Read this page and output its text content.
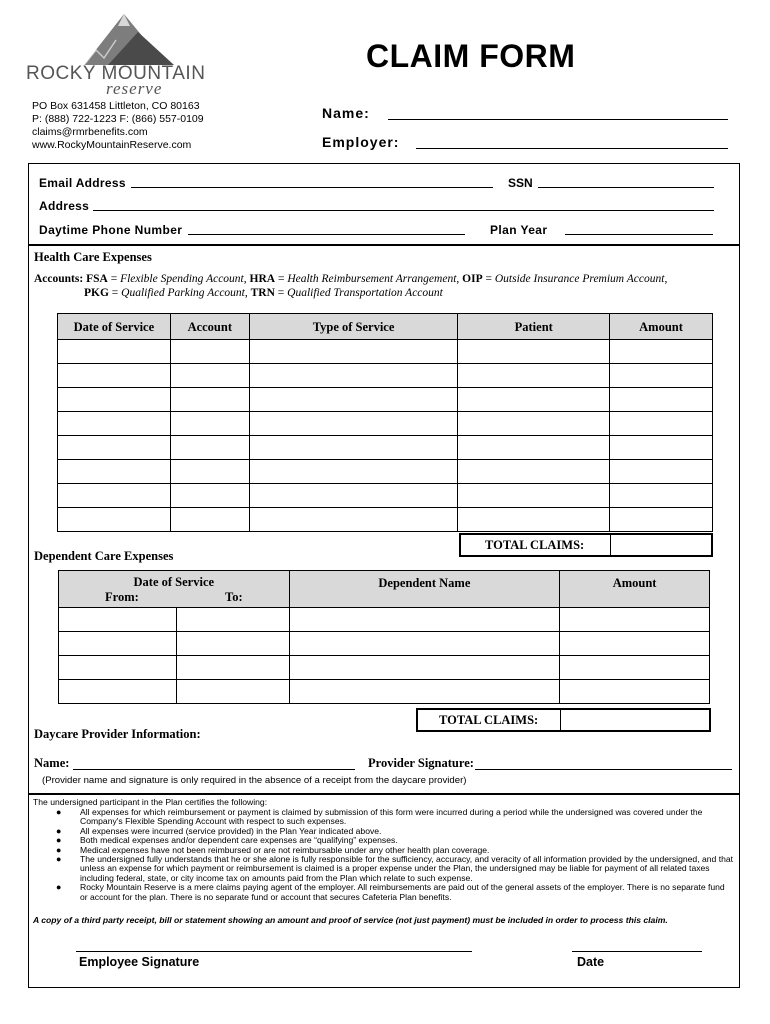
ROCKY MOUNTAIN
reserve
PO Box 631458 Littleton, CO 80163
P: (888) 722-1223 F: (866) 557-0109
claims@rmrbenefits.com
www.RockyMountainReserve.com
CLAIM FORM
Name:
Employer:
Email Address	SSN
Address
Daytime Phone Number	Plan Year
Health Care Expenses
Accounts: FSA = Flexible Spending Account, HRA = Health Reimbursement Arrangement, OIP = Outside Insurance Premium Account,
PKG = Qualified Parking Account, TRN = Qualified Transportation Account
Date of Service	Account	Type of Service	Patient	Amount

TOTAL CLAIMS:
Dependent Care Expenses
Date of Service
From: To:		Dependent Name	Amount

TOTAL CLAIMS:
Daycare Provider Information:
Name:	Provider Signature:
(Provider name and signature is only required in the absence of a receipt from the daycare provider)
The undersigned participant in the Plan certifies the following:
● All expenses for which reimbursement or payment is claimed by submission of this form were incurred during a period while the undersigned was covered under the Company's Flexible Spending Account with respect to such expenses.
● All expenses were incurred (service provided) in the Plan Year indicated above.
● Both medical expenses and/or dependent care expenses are “qualifying” expenses.
● Medical expenses have not been reimbursed or are not reimbursable under any other health plan coverage.
● The undersigned fully understands that he or she alone is fully responsible for the sufficiency, accuracy, and veracity of all information provided by the undersigned, and that unless an expense for which payment or reimbursement is claimed is a proper expense under the Plan, the undersigned may be liable for payment of all related taxes including federal, state, or city income tax on amounts paid from the Plan which relate to such expense.
● Rocky Mountain Reserve is a mere claims paying agent of the employer. All reimbursements are paid out of the general assets of the employer. There is no separate fund or account for the plan. There is no separate fund or account that secures Cafeteria Plan benefits.
A copy of a third party receipt, bill or statement showing an amount and proof of service (not just payment) must be included in order to process this claim.
Employee Signature	Date
